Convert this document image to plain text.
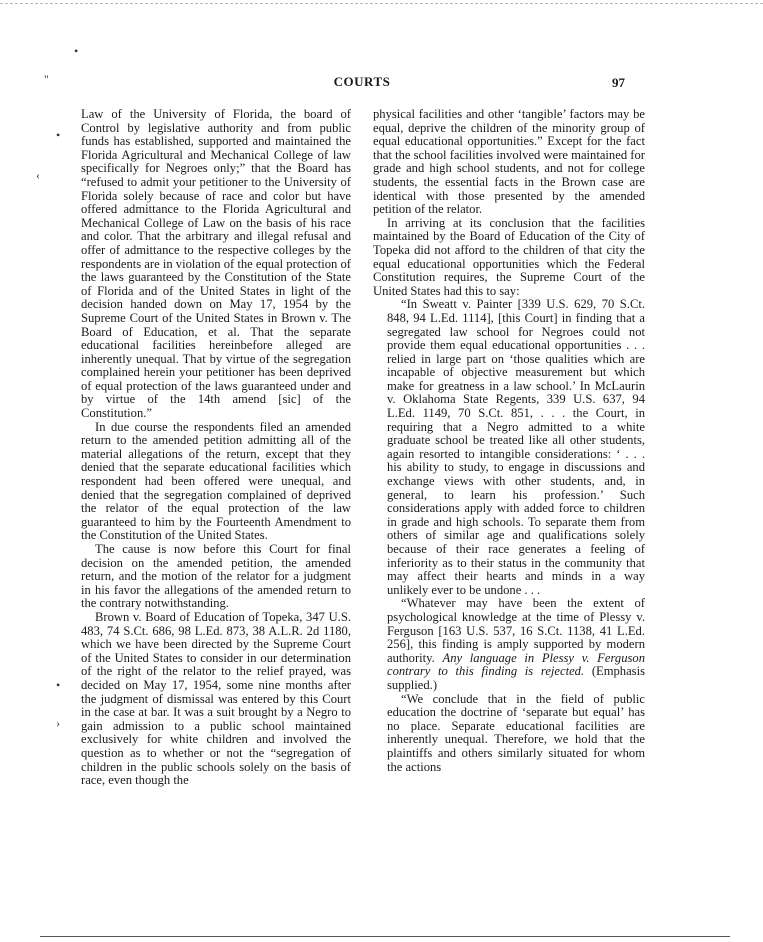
•
"
•
‹
•
›
COURTS	97

Law of the University of Florida, the board of Control by legislative authority and from public funds has established, supported and maintained the Florida Agricultural and Mechanical College of law specifically for Negroes only;” that the Board has “refused to admit your petitioner to the University of Florida solely because of race and color but have offered admittance to the Florida Agricultural and Mechanical College of Law on the basis of his race and color. That the arbitrary and illegal refusal and offer of admittance to the respective colleges by the respondents are in violation of the equal protection of the laws guaranteed by the Constitution of the State of Florida and of the United States in light of the decision handed down on May 17, 1954 by the Supreme Court of the United States in Brown v. The Board of Education, et al. That the separate educational facilities hereinbefore alleged are inherently unequal. That by virtue of the segregation complained herein your petitioner has been deprived of equal protection of the laws guaranteed under and by virtue of the 14th amend [sic] of the Constitution.”

In due course the respondents filed an amended return to the amended petition admitting all of the material allegations of the return, except that they denied that the separate educational facilities which respondent had been offered were unequal, and denied that the segregation complained of deprived the relator of the equal protection of the law guaranteed to him by the Fourteenth Amendment to the Constitution of the United States.

The cause is now before this Court for final decision on the amended petition, the amended return, and the motion of the relator for a judgment in his favor the allegations of the amended return to the contrary notwithstanding.

Brown v. Board of Education of Topeka, 347 U.S. 483, 74 S.Ct. 686, 98 L.Ed. 873, 38 A.L.R. 2d 1180, which we have been directed by the Supreme Court of the United States to consider in our determination of the right of the relator to the relief prayed, was decided on May 17, 1954, some nine months after the judgment of dismissal was entered by this Court in the case at bar. It was a suit brought by a Negro to gain admission to a public school maintained exclusively for white children and involved the question as to whether or not the “segregation of children in the public schools solely on the basis of race, even though the

physical facilities and other ‘tangible’ factors may be equal, deprive the children of the minority group of equal educational opportunities.” Except for the fact that the school facilities involved were maintained for grade and high school students, and not for college students, the essential facts in the Brown case are identical with those presented by the amended petition of the relator.

In arriving at its conclusion that the facilities maintained by the Board of Education of the City of Topeka did not afford to the children of that city the equal educational opportunities which the Federal Constitution requires, the Supreme Court of the United States had this to say:

“In Sweatt v. Painter [339 U.S. 629, 70 S.Ct. 848, 94 L.Ed. 1114], [this Court] in finding that a segregated law school for Negroes could not provide them equal educational opportunities . . . relied in large part on ‘those qualities which are incapable of objective measurement but which make for greatness in a law school.’ In McLaurin v. Oklahoma State Regents, 339 U.S. 637, 94 L.Ed. 1149, 70 S.Ct. 851, . . . the Court, in requiring that a Negro admitted to a white graduate school be treated like all other students, again resorted to intangible considerations: ‘ . . . his ability to study, to engage in discussions and exchange views with other students, and, in general, to learn his profession.’ Such considerations apply with added force to children in grade and high schools. To separate them from others of similar age and qualifications solely because of their race generates a feeling of inferiority as to their status in the community that may affect their hearts and minds in a way unlikely ever to be undone . . .

“Whatever may have been the extent of psychological knowledge at the time of Plessy v. Ferguson [163 U.S. 537, 16 S.Ct. 1138, 41 L.Ed. 256], this finding is amply supported by modern authority. Any language in Plessy v. Ferguson contrary to this finding is rejected. (Emphasis supplied.)

“We conclude that in the field of public education the doctrine of ‘separate but equal’ has no place. Separate educational facilities are inherently unequal. Therefore, we hold that the plaintiffs and others similarly situated for whom the actions
